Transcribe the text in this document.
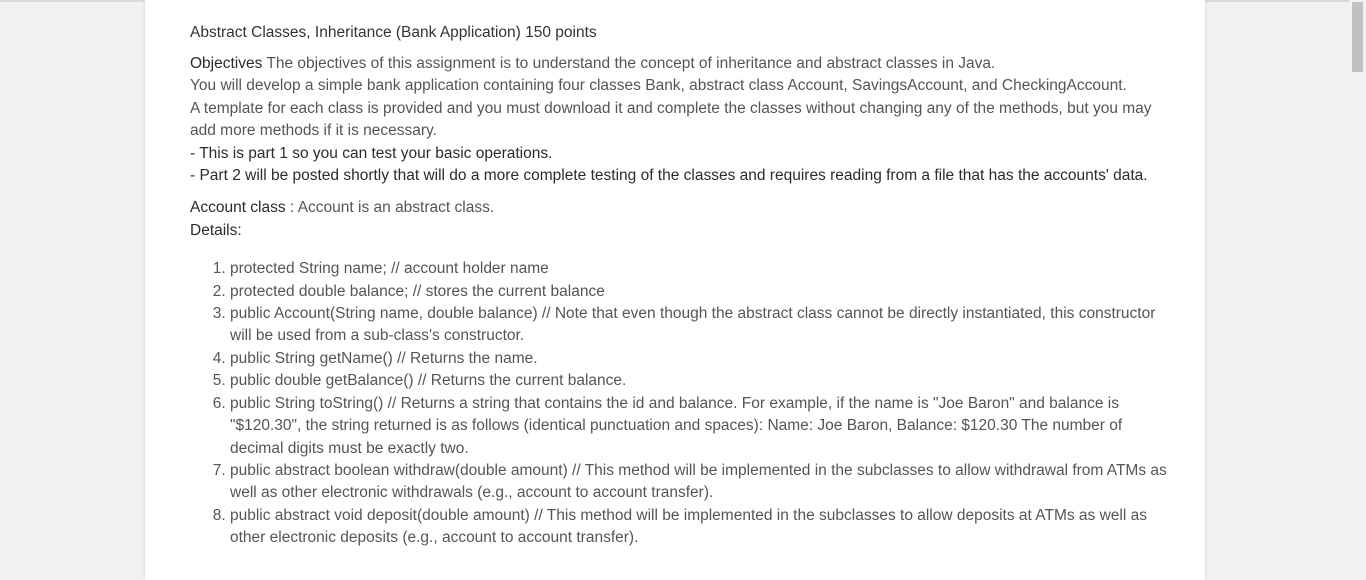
Abstract Classes, Inheritance (Bank Application) 150 points

Objectives The objectives of this assignment is to understand the concept of inheritance and abstract classes in Java.

You will develop a simple bank application containing four classes Bank, abstract class Account, SavingsAccount, and CheckingAccount.

A template for each class is provided and you must download it and complete the classes without changing any of the methods, but you may add more methods if it is necessary.

- This is part 1 so you can test your basic operations.

- Part 2 will be posted shortly that will do a more complete testing of the classes and requires reading from a file that has the accounts' data.

Account class : Account is an abstract class.

Details:

1. protected String name; // account holder name
2. protected double balance; // stores the current balance
3. public Account(String name, double balance) // Note that even though the abstract class cannot be directly instantiated, this constructor will be used from a sub-class's constructor.
4. public String getName() // Returns the name.
5. public double getBalance() // Returns the current balance.
6. public String toString() // Returns a string that contains the id and balance. For example, if the name is "Joe Baron" and balance is "$120.30", the string returned is as follows (identical punctuation and spaces): Name: Joe Baron, Balance: $120.30 The number of decimal digits must be exactly two.
7. public abstract boolean withdraw(double amount) // This method will be implemented in the subclasses to allow withdrawal from ATMs as well as other electronic withdrawals (e.g., account to account transfer).
8. public abstract void deposit(double amount) // This method will be implemented in the subclasses to allow deposits at ATMs as well as other electronic deposits (e.g., account to account transfer).
